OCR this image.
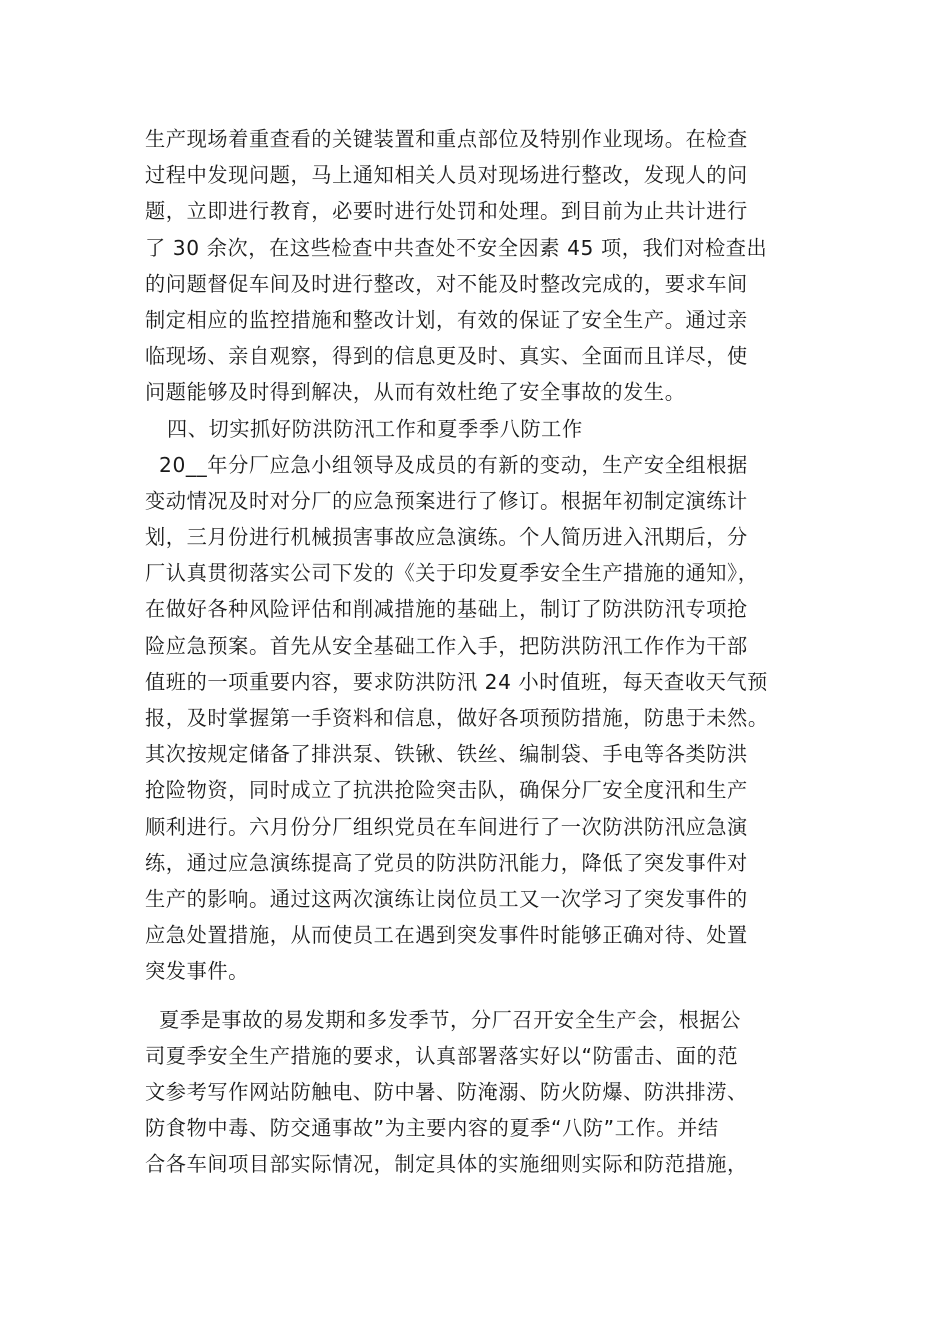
生产现场着重查看的关键装置和重点部位及特别作业现场。在检查
过程中发现问题，马上通知相关人员对现场进行整改，发现人的问
题，立即进行教育，必要时进行处罚和处理。到目前为止共计进行
了 30 余次，在这些检查中共查处不安全因素 45 项，我们对检查出
的问题督促车间及时进行整改，对不能及时整改完成的，要求车间
制定相应的监控措施和整改计划，有效的保证了安全生产。通过亲
临现场、亲自观察，得到的信息更及时、真实、全面而且详尽，使
问题能够及时得到解决，从而有效杜绝了安全事故的发生。
四、切实抓好防洪防汛工作和夏季季八防工作
20__年分厂应急小组领导及成员的有新的变动，生产安全组根据
变动情况及时对分厂的应急预案进行了修订。根据年初制定演练计
划，三月份进行机械损害事故应急演练。个人简历进入汛期后，分
厂认真贯彻落实公司下发的《关于印发夏季安全生产措施的通知》，
在做好各种风险评估和削减措施的基础上，制订了防洪防汛专项抢
险应急预案。首先从安全基础工作入手，把防洪防汛工作作为干部
值班的一项重要内容，要求防洪防汛 24 小时值班，每天查收天气预
报，及时掌握第一手资料和信息，做好各项预防措施，防患于未然。
其次按规定储备了排洪泵、铁锹、铁丝、编制袋、手电等各类防洪
抢险物资，同时成立了抗洪抢险突击队，确保分厂安全度汛和生产
顺利进行。六月份分厂组织党员在车间进行了一次防洪防汛应急演
练，通过应急演练提高了党员的防洪防汛能力，降低了突发事件对
生产的影响。通过这两次演练让岗位员工又一次学习了突发事件的
应急处置措施，从而使员工在遇到突发事件时能够正确对待、处置
突发事件。
夏季是事故的易发期和多发季节，分厂召开安全生产会，根据公
司夏季安全生产措施的要求，认真部署落实好以“防雷击、面的范
文参考写作网站防触电、防中暑、防淹溺、防火防爆、防洪排涝、
防食物中毒、防交通事故”为主要内容的夏季“八防”工作。并结
合各车间项目部实际情况，制定具体的实施细则实际和防范措施，
